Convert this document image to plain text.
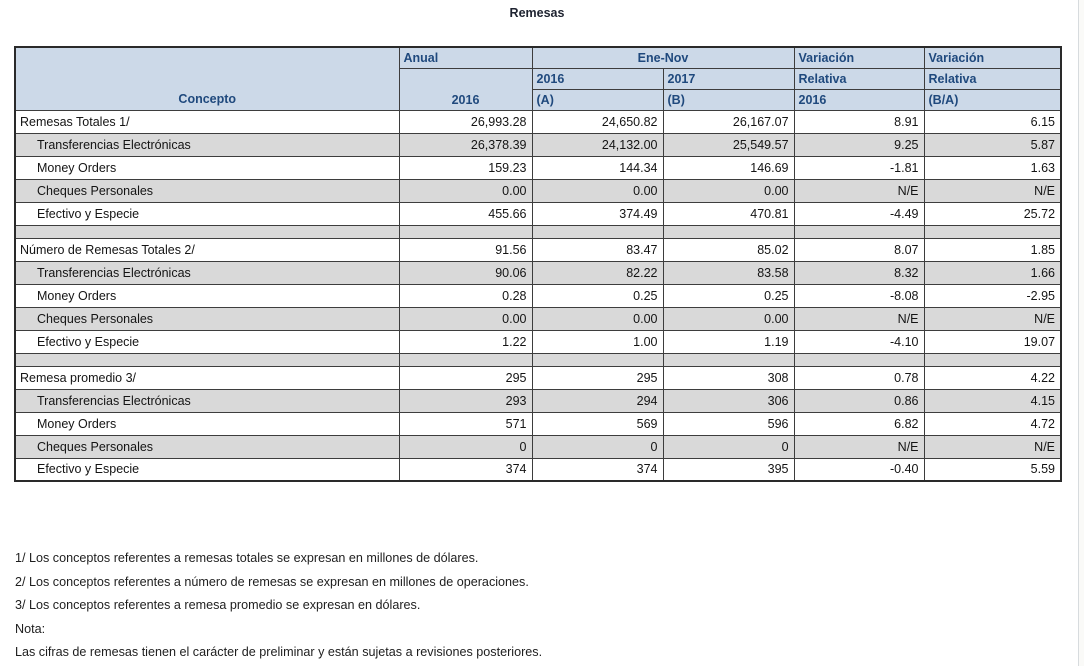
Remesas
Concepto	Anual	Ene-Nov		Variación	Variación
	2016	2016	2017	Relativa	Relativa
		(A)	(B)	2016	(B/A)
Remesas Totales 1/	26,993.28	24,650.82	26,167.07	8.91	6.15
Transferencias Electrónicas	26,378.39	24,132.00	25,549.57	9.25	5.87
Money Orders	159.23	144.34	146.69	-1.81	1.63
Cheques Personales	0.00	0.00	0.00	N/E	N/E
Efectivo y Especie	455.66	374.49	470.81	-4.49	25.72

Número de Remesas Totales 2/	91.56	83.47	85.02	8.07	1.85
Transferencias Electrónicas	90.06	82.22	83.58	8.32	1.66
Money Orders	0.28	0.25	0.25	-8.08	-2.95
Cheques Personales	0.00	0.00	0.00	N/E	N/E
Efectivo y Especie	1.22	1.00	1.19	-4.10	19.07

Remesa promedio 3/	295	295	308	0.78	4.22
Transferencias Electrónicas	293	294	306	0.86	4.15
Money Orders	571	569	596	6.82	4.72
Cheques Personales	0	0	0	N/E	N/E
Efectivo y Especie	374	374	395	-0.40	5.59
1/ Los conceptos referentes a remesas totales se expresan en millones de dólares.
2/ Los conceptos referentes a número de remesas se expresan en millones de operaciones.
3/ Los conceptos referentes a remesa promedio se expresan en dólares.
Nota:
Las cifras de remesas tienen el carácter de preliminar y están sujetas a revisiones posteriores.
